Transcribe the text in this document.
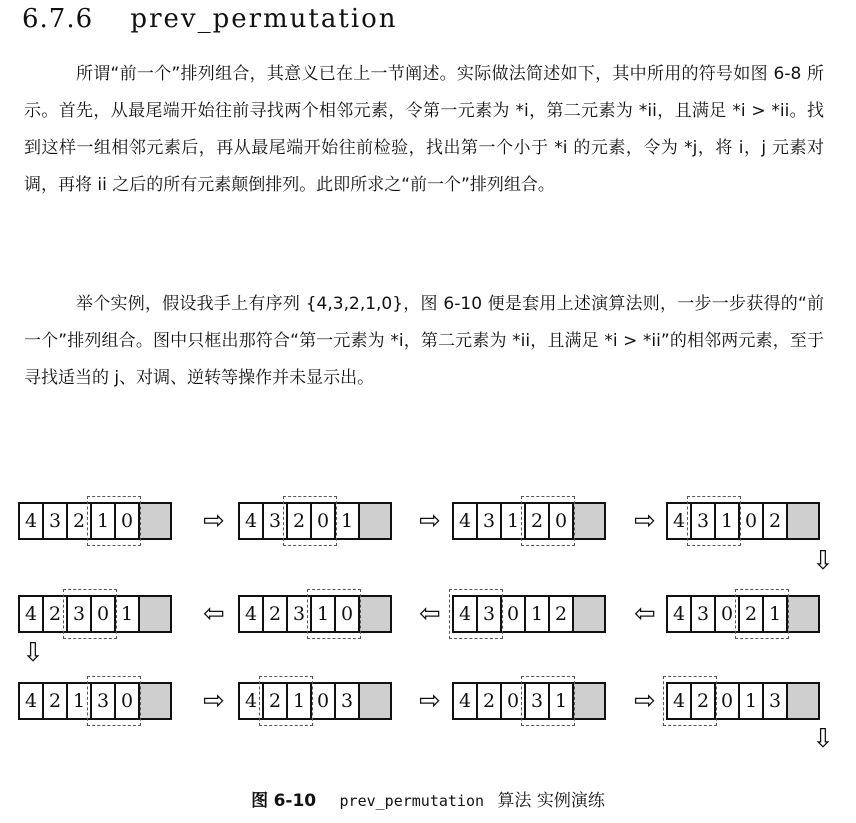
6.7.6 prev_permutation
所谓“前一个”排列组合，其意义已在上一节阐述。实际做法简述如下，其中所用的符号如图 6-8 所示。首先，从最尾端开始往前寻找两个相邻元素，令第一元素为 *i，第二元素为 *ii，且满足 *i > *ii。找到这样一组相邻元素后，再从最尾端开始往前检验，找出第一个小于 *i 的元素，令为 *j，将 i，j 元素对调，再将 ii 之后的所有元素颠倒排列。此即所求之“前一个”排列组合。
举个实例，假设我手上有序列 {4,3,2,1,0}，图 6-10 便是套用上述演算法则，一步一步获得的“前一个”排列组合。图中只框出那符合“第一元素为 *i，第二元素为 *ii，且满足 *i > *ii”的相邻两元素，至于寻找适当的 j、对调、逆转等操作并未显示出。
4 3 2 1 0	4 3 2 0 1	4 3 1 2 0	4 3 1 0 2
⇨	⇨	⇨
4 2 3 0 1	4 2 3 1 0	4 3 0 1 2	4 3 0 2 1
⇦	⇦	⇦
4 2 1 3 0	4 2 1 0 3	4 2 0 3 1	4 2 0 1 3
⇨	⇨	⇨
⇩
⇩
⇩
图 6-10 prev_permutation 算法 实例演练
